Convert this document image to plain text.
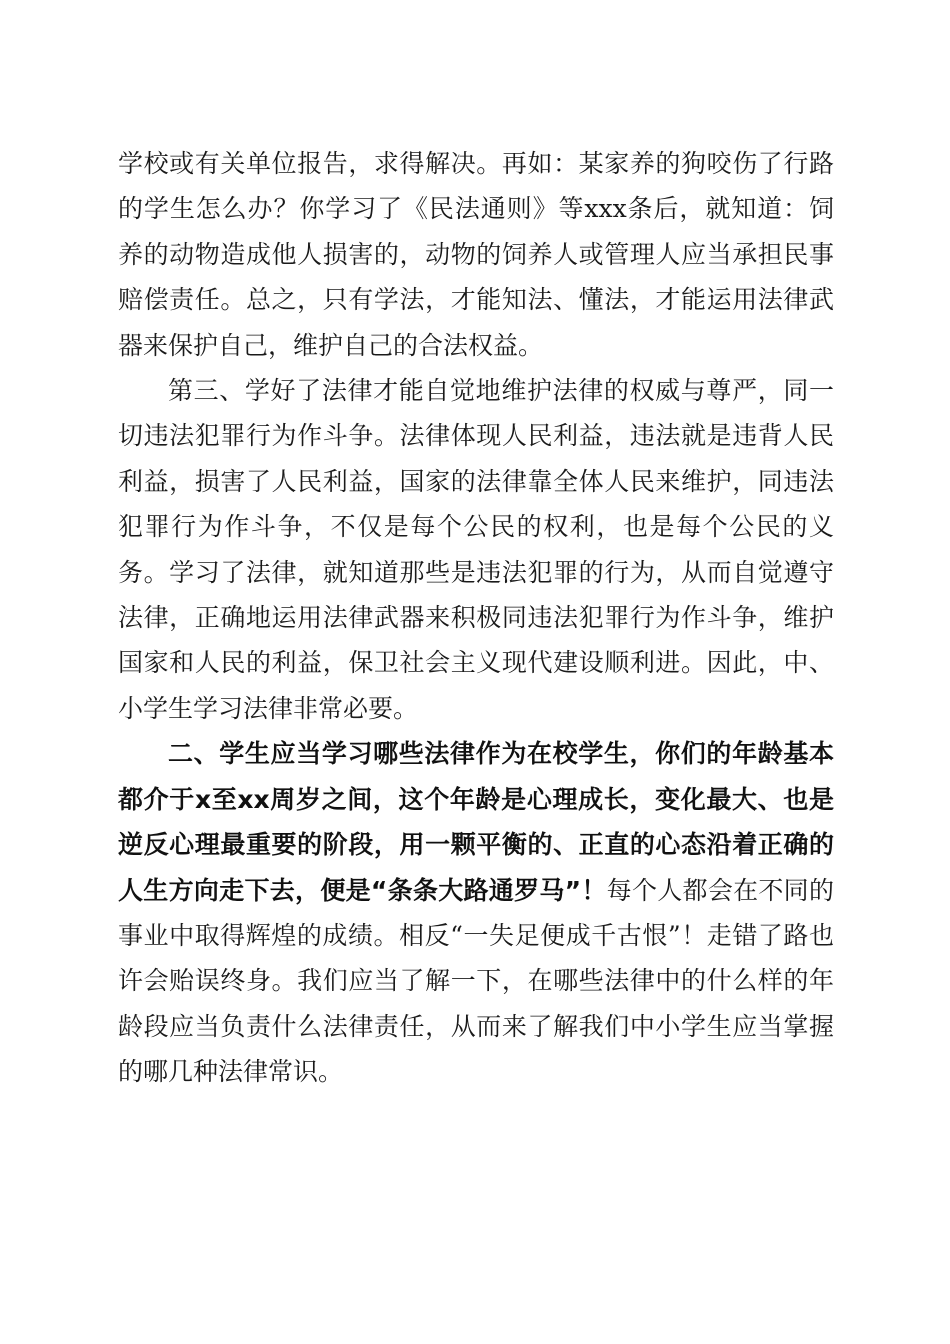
学校或有关单位报告，求得解决。再如：某家养的狗咬伤了行路的学生怎么办？你学习了《民法通则》等xxx条后，就知道：饲养的动物造成他人损害的，动物的饲养人或管理人应当承担民事赔偿责任。总之，只有学法，才能知法、懂法，才能运用法律武器来保护自己，维护自己的合法权益。

第三、学好了法律才能自觉地维护法律的权威与尊严，同一切违法犯罪行为作斗争。法律体现人民利益，违法就是违背人民利益，损害了人民利益，国家的法律靠全体人民来维护，同违法犯罪行为作斗争，不仅是每个公民的权利，也是每个公民的义务。学习了法律，就知道那些是违法犯罪的行为，从而自觉遵守法律，正确地运用法律武器来积极同违法犯罪行为作斗争，维护国家和人民的利益，保卫社会主义现代建设顺利进。因此，中、小学生学习法律非常必要。

二、学生应当学习哪些法律作为在校学生，你们的年龄基本都介于x至xx周岁之间，这个年龄是心理成长，变化最大、也是逆反心理最重要的阶段，用一颗平衡的、正直的心态沿着正确的人生方向走下去，便是“条条大路通罗马”！每个人都会在不同的事业中取得辉煌的成绩。相反“一失足便成千古恨”！走错了路也许会贻误终身。我们应当了解一下，在哪些法律中的什么样的年龄段应当负责什么法律责任，从而来了解我们中小学生应当掌握的哪几种法律常识。
